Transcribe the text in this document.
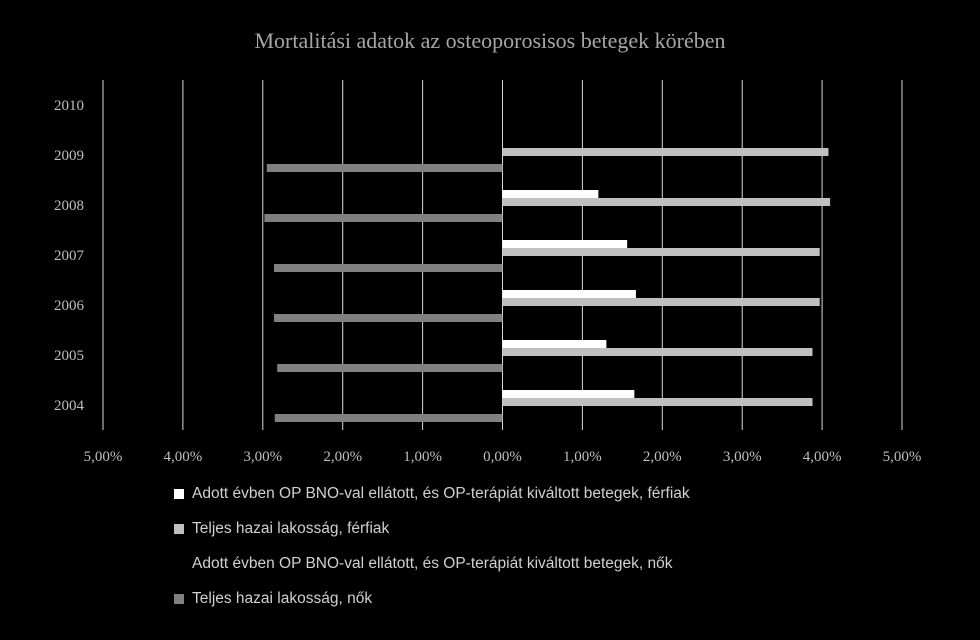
Mortalitási adatok az osteoporosisos betegek körében
2004
2005
2006
2007
2008
2009
2010
5,00%	4,00%	3,00%	2,00%	1,00%	0,00%	1,00%	2,00%	3,00%	4,00%	5,00%
Adott évben OP BNO-val ellátott, és OP-terápiát kiváltott betegek, férfiak
Teljes hazai lakosság, férfiak
Adott évben OP BNO-val ellátott, és OP-terápiát kiváltott betegek, nők
Teljes hazai lakosság, nők
